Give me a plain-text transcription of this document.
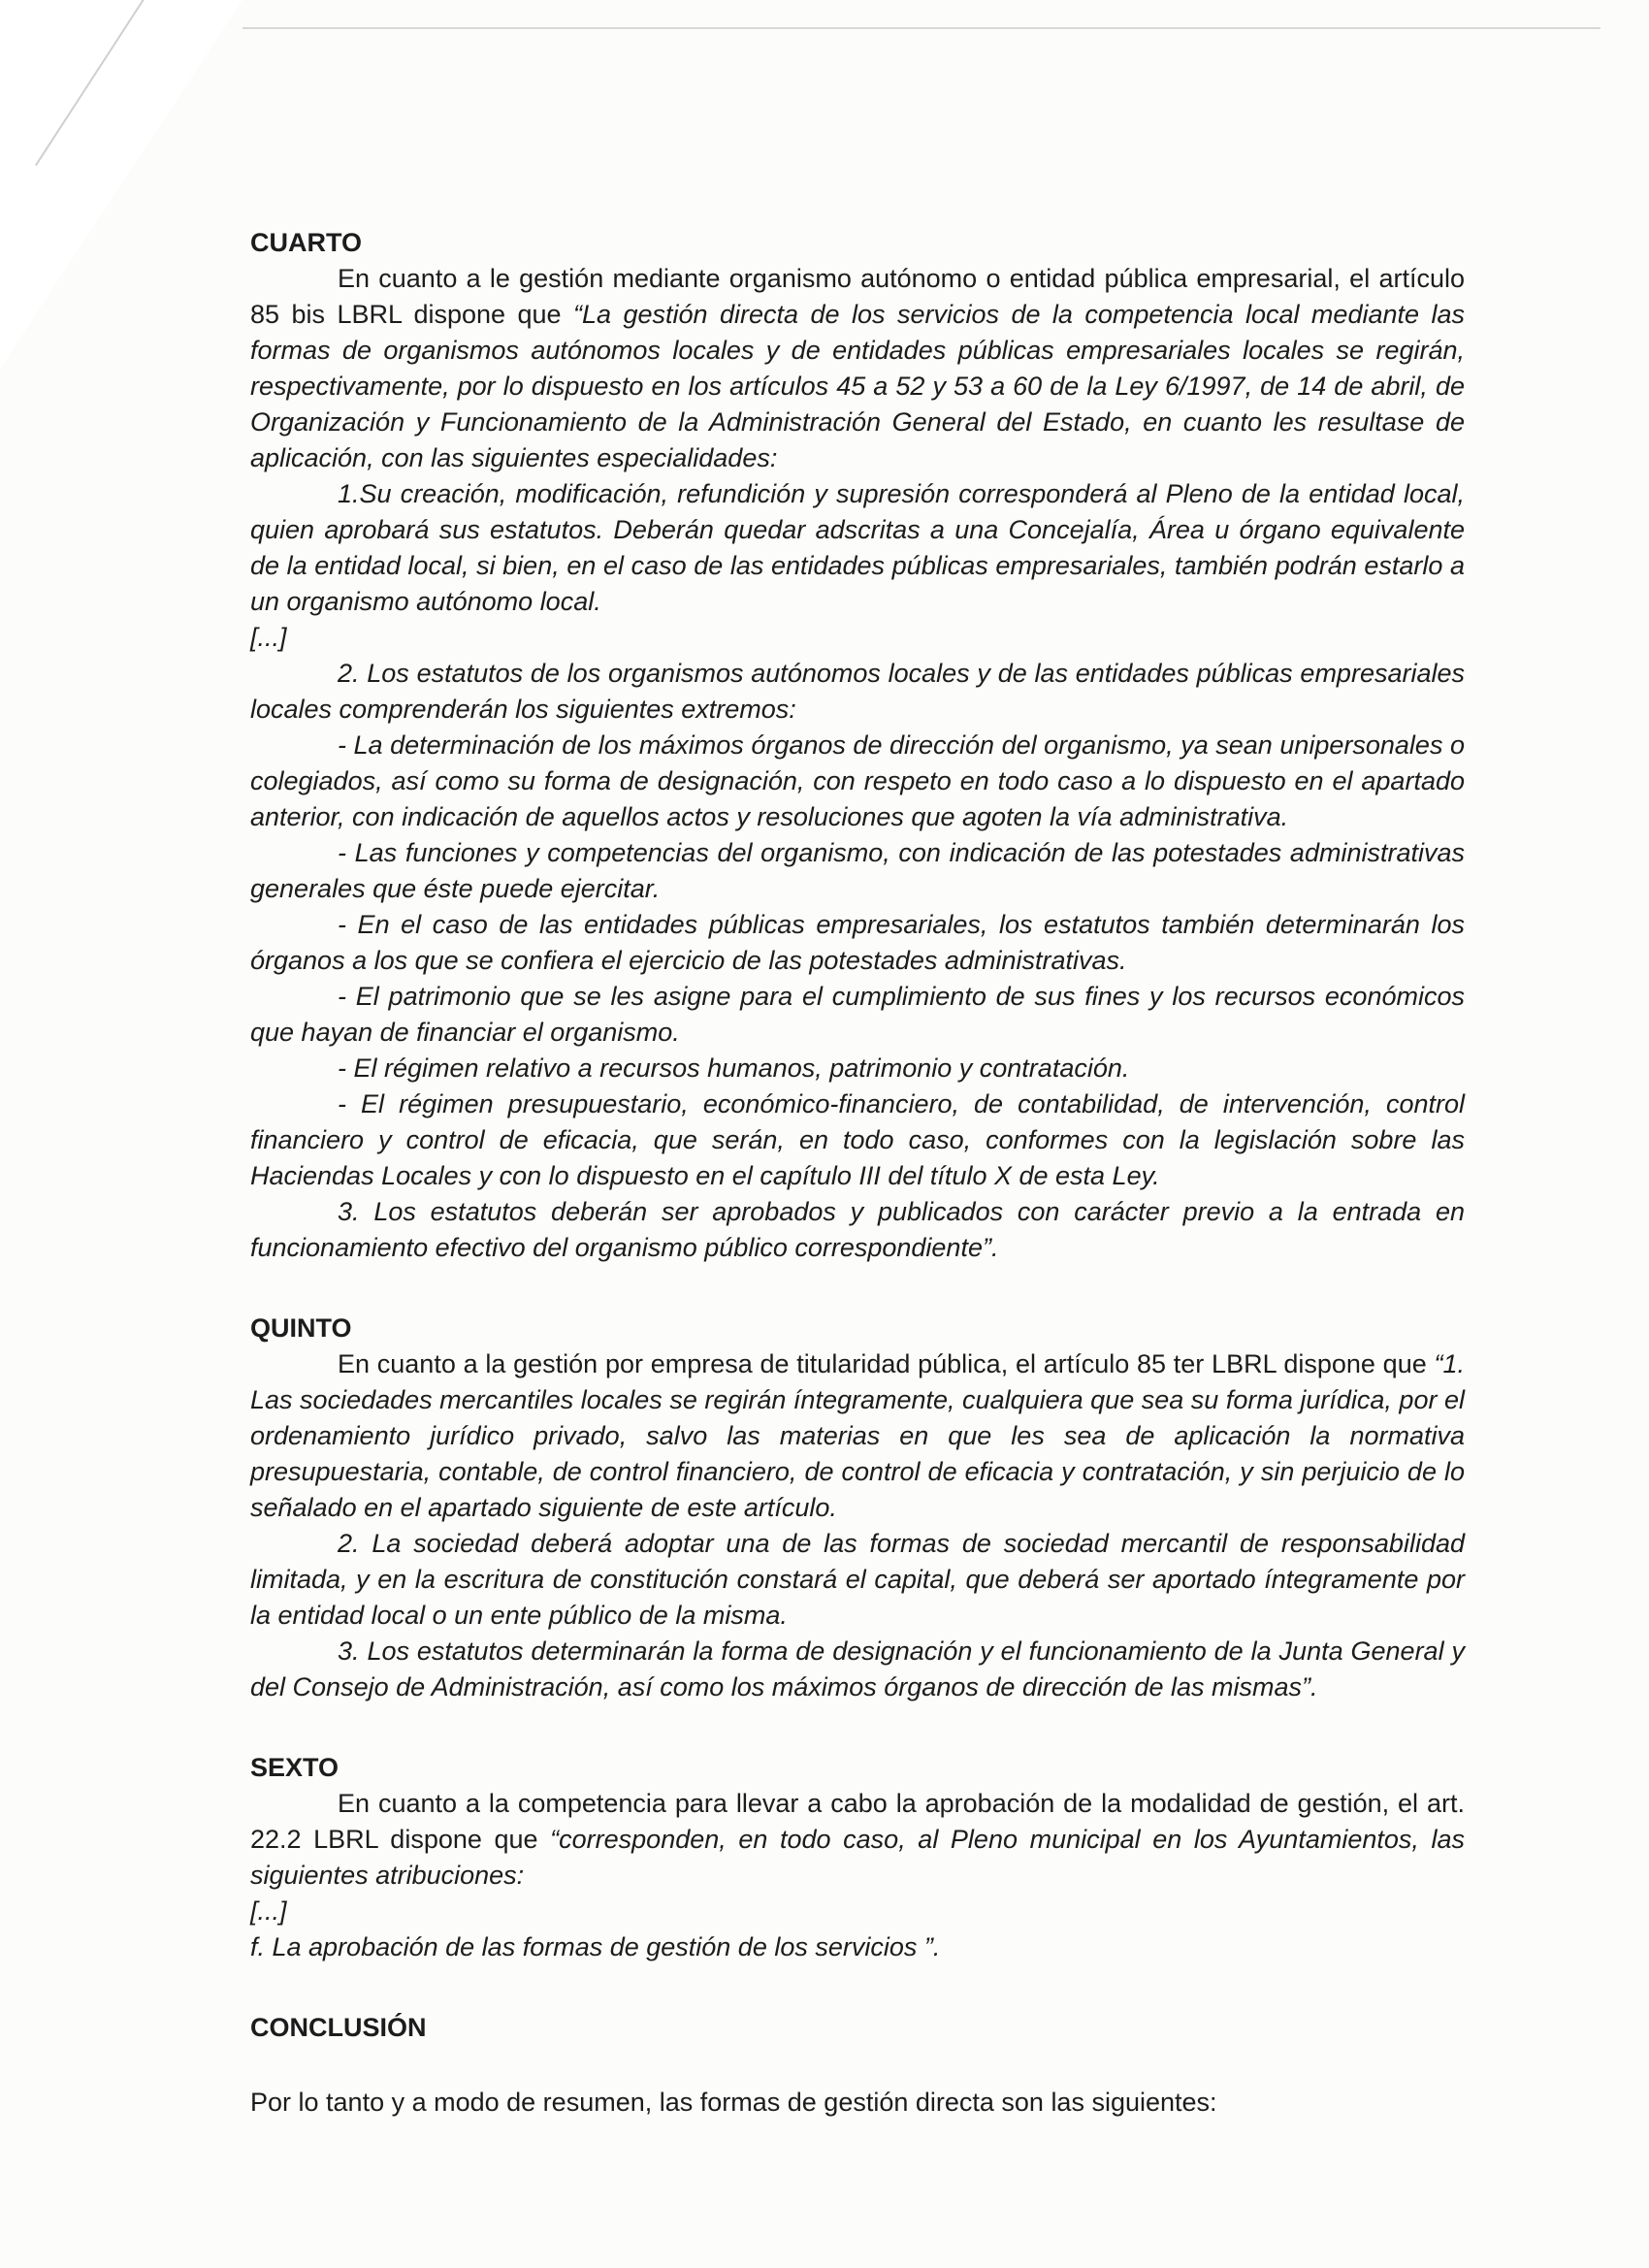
CUARTO

En cuanto a le gestión mediante organismo autónomo o entidad pública empresarial, el artículo 85 bis LBRL dispone que “La gestión directa de los servicios de la competencia local mediante las formas de organismos autónomos locales y de entidades públicas empresariales locales se regirán, respectivamente, por lo dispuesto en los artículos 45 a 52 y 53 a 60 de la Ley 6/1997, de 14 de abril, de Organización y Funcionamiento de la Administración General del Estado, en cuanto les resultase de aplicación, con las siguientes especialidades:

1.Su creación, modificación, refundición y supresión corresponderá al Pleno de la entidad local, quien aprobará sus estatutos. Deberán quedar adscritas a una Concejalía, Área u órgano equivalente de la entidad local, si bien, en el caso de las entidades públicas empresariales, también podrán estarlo a un organismo autónomo local.

[...]

2. Los estatutos de los organismos autónomos locales y de las entidades públicas empresariales locales comprenderán los siguientes extremos:

- La determinación de los máximos órganos de dirección del organismo, ya sean unipersonales o colegiados, así como su forma de designación, con respeto en todo caso a lo dispuesto en el apartado anterior, con indicación de aquellos actos y resoluciones que agoten la vía administrativa.

- Las funciones y competencias del organismo, con indicación de las potestades administrativas generales que éste puede ejercitar.

- En el caso de las entidades públicas empresariales, los estatutos también determinarán los órganos a los que se confiera el ejercicio de las potestades administrativas.

- El patrimonio que se les asigne para el cumplimiento de sus fines y los recursos económicos que hayan de financiar el organismo.

- El régimen relativo a recursos humanos, patrimonio y contratación.

- El régimen presupuestario, económico-financiero, de contabilidad, de intervención, control financiero y control de eficacia, que serán, en todo caso, conformes con la legislación sobre las Haciendas Locales y con lo dispuesto en el capítulo III del título X de esta Ley.

3. Los estatutos deberán ser aprobados y publicados con carácter previo a la entrada en funcionamiento efectivo del organismo público correspondiente”.

QUINTO

En cuanto a la gestión por empresa de titularidad pública, el artículo 85 ter LBRL dispone que “1. Las sociedades mercantiles locales se regirán íntegramente, cualquiera que sea su forma jurídica, por el ordenamiento jurídico privado, salvo las materias en que les sea de aplicación la normativa presupuestaria, contable, de control financiero, de control de eficacia y contratación, y sin perjuicio de lo señalado en el apartado siguiente de este artículo.

2. La sociedad deberá adoptar una de las formas de sociedad mercantil de responsabilidad limitada, y en la escritura de constitución constará el capital, que deberá ser aportado íntegramente por la entidad local o un ente público de la misma.

3. Los estatutos determinarán la forma de designación y el funcionamiento de la Junta General y del Consejo de Administración, así como los máximos órganos de dirección de las mismas”.

SEXTO

En cuanto a la competencia para llevar a cabo la aprobación de la modalidad de gestión, el art. 22.2 LBRL dispone que “corresponden, en todo caso, al Pleno municipal en los Ayuntamientos, las siguientes atribuciones:

[...]

f. La aprobación de las formas de gestión de los servicios ”.

CONCLUSIÓN

Por lo tanto y a modo de resumen, las formas de gestión directa son las siguientes:
